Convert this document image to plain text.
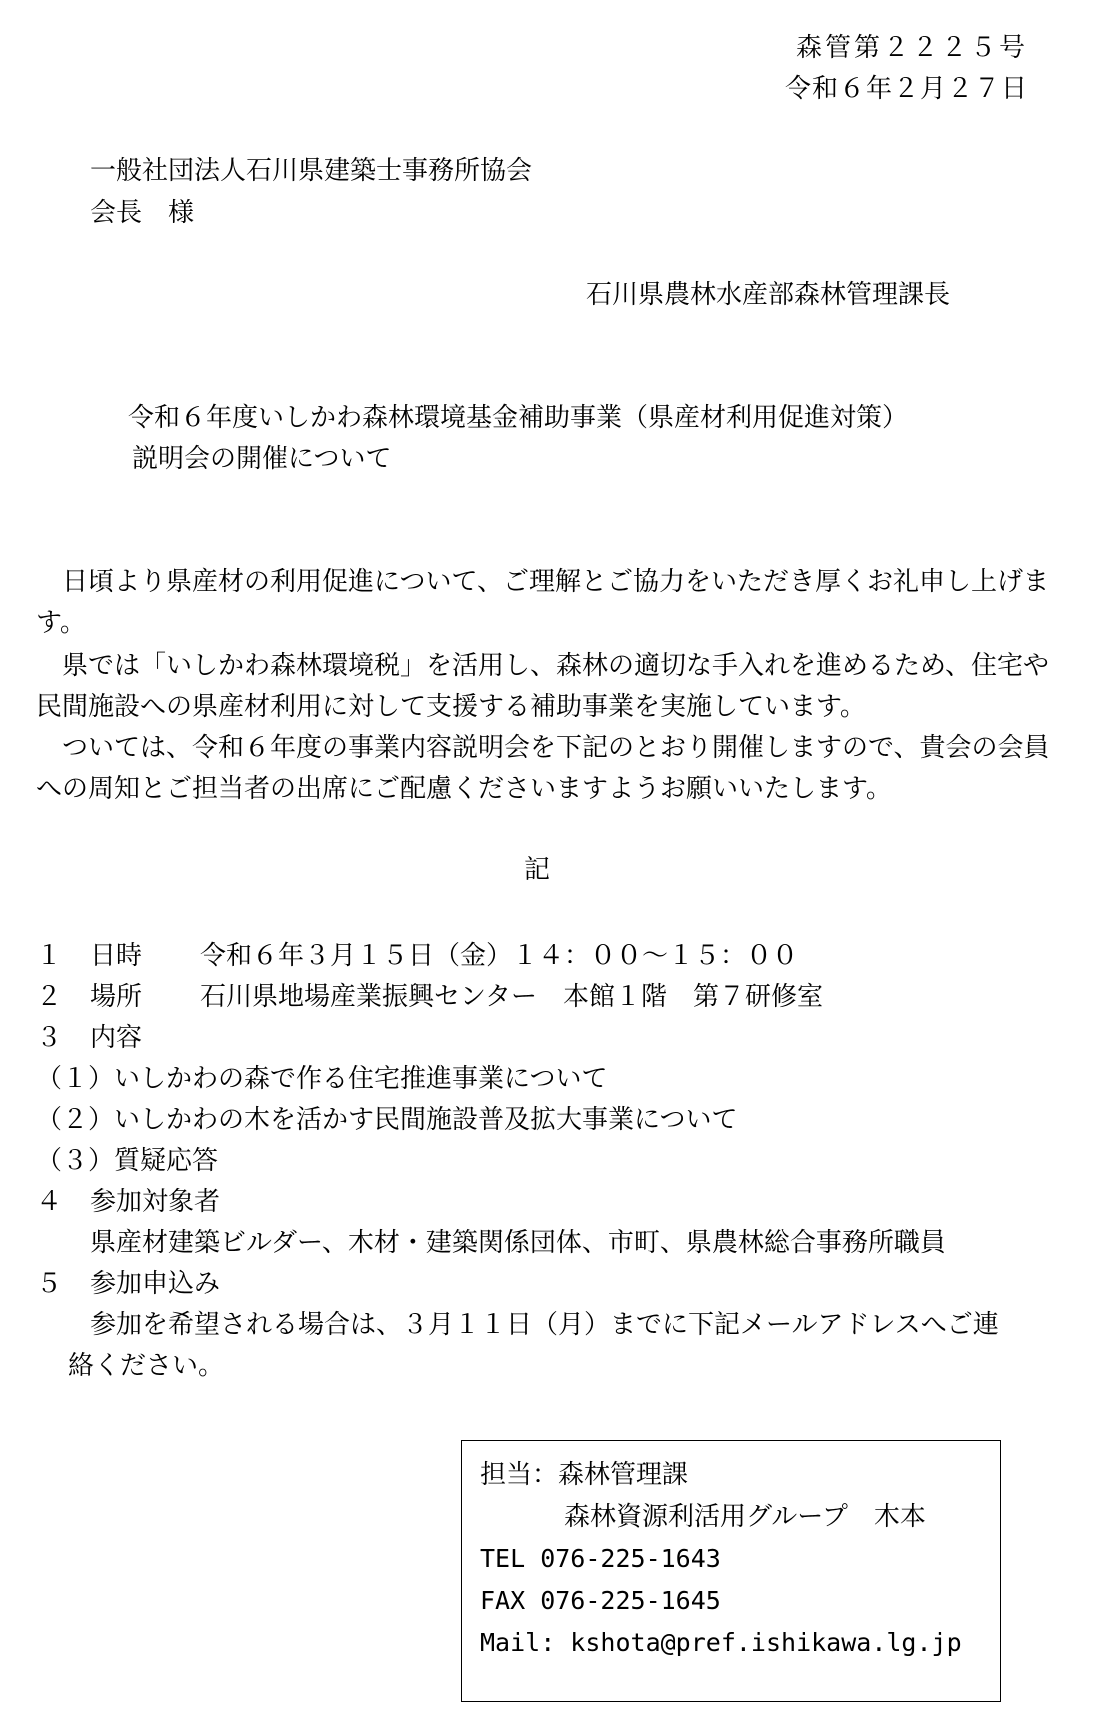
森管第２２２５号
令和６年２月２７日
一般社団法人石川県建築士事務所協会
会長　様
石川県農林水産部森林管理課長
令和６年度いしかわ森林環境基金補助事業（県産材利用促進対策）
説明会の開催について
　日頃より県産材の利用促進について、ご理解とご協力をいただき厚くお礼申し上げます。
　県では「いしかわ森林環境税」を活用し、森林の適切な手入れを進めるため、住宅や民間施設への県産材利用に対して支援する補助事業を実施しています。
　ついては、令和６年度の事業内容説明会を下記のとおり開催しますので、貴会の会員への周知とご担当者の出席にご配慮くださいますようお願いいたします。
記
１ 日時 令和６年３月１５日（金）１４：００～１５：００
２ 場所 石川県地場産業振興センター　本館１階　第７研修室
３ 内容
（１）いしかわの森で作る住宅推進事業について
（２）いしかわの木を活かす民間施設普及拡大事業について
（３）質疑応答
４ 参加対象者
県産材建築ビルダー、木材・建築関係団体、市町、県農林総合事務所職員
５ 参加申込み
参加を希望される場合は、３月１１日（月）までに下記メールアドレスへご連
絡ください。
担当：森林管理課
森林資源利活用グループ　木本
TEL 076-225-1643
FAX 076-225-1645
Mail: kshota@pref.ishikawa.lg.jp
